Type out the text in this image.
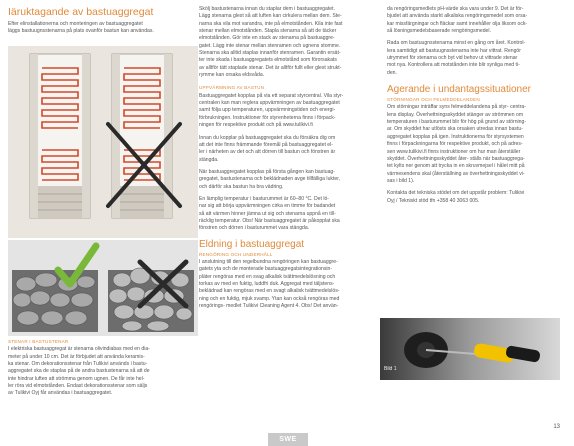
Iäruktagande av bastuaggregat
Efter elinstallationerna och monteringen av bastuaggregatet
läggs bastuugnsstenarna på plats ovanför bastun kan användas.
STENAR I BASTUSTENAR
I elektriska bastuaggregat är stenarna olivindiabas med en dia-
meter på under 10 cm. Det är förbjudet att använda keramis-
ka stenar. Om dekorationsstenar från Tulikivi används i bastu-
aggregatet ska de staplas på de andra bastustenarna så att de
inte hindrar luften att strömma genom ugnen. De får inte hel-
ler röra vid elmotstånden. Endast dekorationsstenar som säljs
av Tulikivi Oyj får användas i bastuaggregatet.
Skölj bastustenarna innan du staplar dem i bastuaggregatet.
Lägg stenarna glest så att luften kan cirkulera mellan dem. Ste-
narna ska vila mot varandra, inte på elmotstånden. Kila inte fast
stenar mellan elmotstånden. Stapla stenarna så att de täcker
elmotstånden. Gör inte en stack av stenarna på bastuaggre-
gatet. Lägg inte stenar mellan stenramen och ugnens stomme.
Stenarna ska alltid staplas innanför stenramen. Garantin ersät-
ter inte skada i bastuaggregatets elmotstånd som förorsakats
av alltför tätt staplade stenar. Det är alltför fullt eller glest strukt-
rymme kan orsaka eldsvåda.
UPPVÄRMNING AV BASTUN
Bastuaggregatet kopplas på via ett separat styrcentral. Vila styr-
centralen kan man reglera uppvärmningen av bastuaggregatet
samt följa upp temperaturen, uppvärmningstiden och energi-
förbrukningen. Instruktioner för styrenheterna finns i förpack-
ningen för respektive produkt och på www.tulikivi.fi
Innan du kopplar på bastuaggregatet ska du försäkra dig om
att det inte finns främmande föremål på bastuaggregatet el-
ler i närheten av det och att dörren till bastun och fönstren är
stängda.
När bastuaggregatet kopplas på första gången kan bastuag-
gregatet, bastustenarna och beklädnaden avge tillfälliga lukter,
och därför ska bastun ha bra vädring.
En lämplig temperatur i basturummet är 60–80 °C. Det lö-
nar sig att börja uppvärmningen cirka en timme för badandet
så att värmen hinner jämna ut sig och stenarna uppnå en till-
räcklig temperatur. Obs! När bastuaggregatet är påkopplat ska
fönstren och dörren i basturummet vara stängda.
Eldning i bastuaggregat
RENGÖRING OCH UNDERHÅLL
I anslutning till den regelbundna rengöringen kan bastuaggre-
gatets yta och de monterade bastuaggregatsintegrationsin-
pläter rengöras med en svag alkalisk tvättmedelslösning och
torkas av med en fuktig, luddfri duk. Aggregat med täljstens-
beklädnad kan rengöras med en svagt alkalisk tvättmedelslös-
ning och en fuktig, mjuk svamp. Ytan kan också rengöras med
rengörings- medlet Tulikivi Cleaning Agent 4. Obs! Det använ-
da rengöringsmedlets pH-värde ska vara under 9. Det är för-
bjudet att använda starkt alkaliska rengöringsmedel som orsa-
kar missfärgningar och fläckar samt innehåller olja liksom ock-
så lösningsmedelsbaserade rengöringsmedel.
Rada om bastuugnsstenarna minst en gång om året. Kontrol-
lera samtidigt att bastuugnsstenarna inte har vittrat. Rengör
utrymmet för stenarna och byt vid behov ut vittrade stenar
mot nya. Kontrollera att motstånden inte blir synliga med ti-
den.
Agerande i undantagssituationer
STÖRNINGAR OCH FELMEDDELANDEN
Om störningar inträffar syns felmeddelandena på styr- centra-
lens display. Överhettningsskyddet stänger av strömmen om
temperaturen i basturummet blir för hög på grund av störning-
ar. Om skyddet har utlösts ska orsaken utredas innan bastu-
aggregatet kopplas på igen. Instruktionerna för styrsystemen
finns i förpackningarna för respektive produkt, och på adres-
sen www.tulikivi.fi finns instruktioner om hur man återställer
skyddet. Överhettningsskyddet åter- ställs när bastuaggrega-
tet kylts ner genom att trycka in en skruvmejsel i hålet mitt på
värmesendens skal (återställning av överhettningsskyddet vi-
sas i bild 1).
Kontakta det tekniska stödet om det uppstår problem: Tulikivi
Oyj / Tekniskt stöd tfn +358 40 3063 005.
Bild 1
SWE
13
